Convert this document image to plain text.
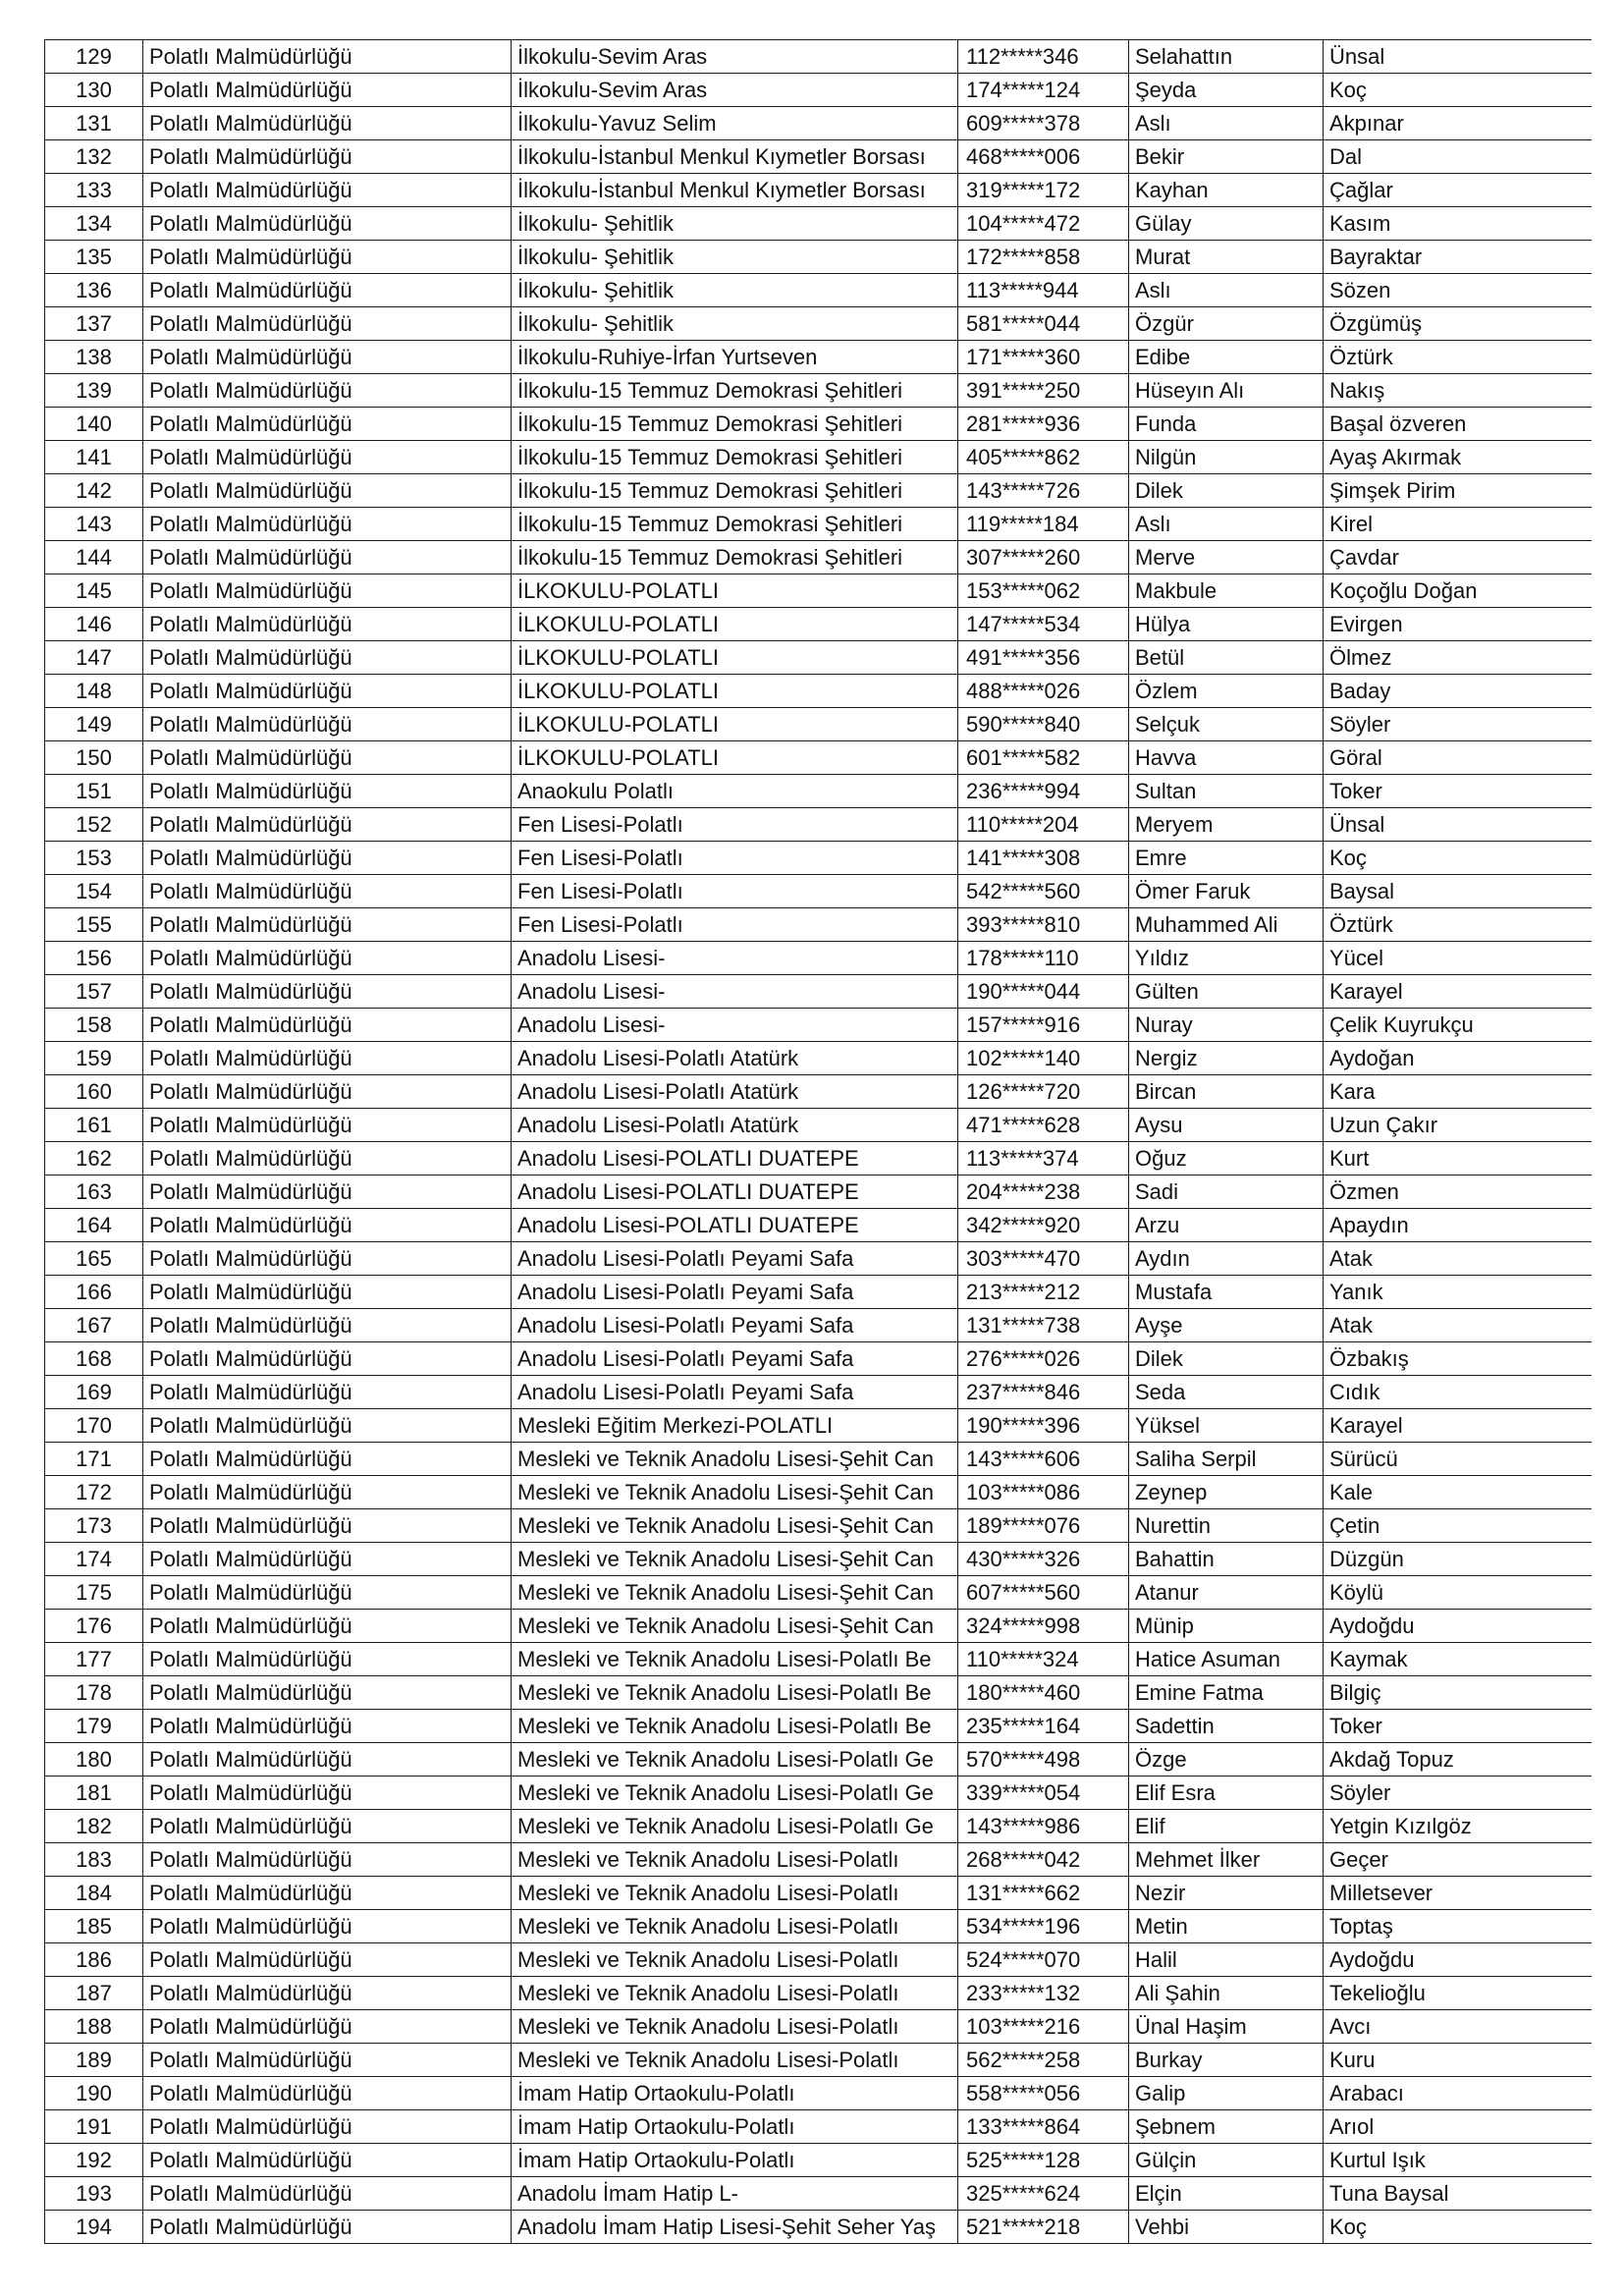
129	Polatlı Malmüdürlüğü	İlkokulu-Sevim Aras	112*****346	Selahattın	Ünsal
130	Polatlı Malmüdürlüğü	İlkokulu-Sevim Aras	174*****124	Şeyda	Koç
131	Polatlı Malmüdürlüğü	İlkokulu-Yavuz Selim	609*****378	Aslı	Akpınar
132	Polatlı Malmüdürlüğü	İlkokulu-İstanbul Menkul Kıymetler Borsası	468*****006	Bekir	Dal
133	Polatlı Malmüdürlüğü	İlkokulu-İstanbul Menkul Kıymetler Borsası	319*****172	Kayhan	Çağlar
134	Polatlı Malmüdürlüğü	İlkokulu- Şehitlik	104*****472	Gülay	Kasım
135	Polatlı Malmüdürlüğü	İlkokulu- Şehitlik	172*****858	Murat	Bayraktar
136	Polatlı Malmüdürlüğü	İlkokulu- Şehitlik	113*****944	Aslı	Sözen
137	Polatlı Malmüdürlüğü	İlkokulu- Şehitlik	581*****044	Özgür	Özgümüş
138	Polatlı Malmüdürlüğü	İlkokulu-Ruhiye-İrfan Yurtseven	171*****360	Edibe	Öztürk
139	Polatlı Malmüdürlüğü	İlkokulu-15 Temmuz Demokrasi Şehitleri	391*****250	Hüseyın Alı	Nakış
140	Polatlı Malmüdürlüğü	İlkokulu-15 Temmuz Demokrasi Şehitleri	281*****936	Funda	Başal özveren
141	Polatlı Malmüdürlüğü	İlkokulu-15 Temmuz Demokrasi Şehitleri	405*****862	Nilgün	Ayaş Akırmak
142	Polatlı Malmüdürlüğü	İlkokulu-15 Temmuz Demokrasi Şehitleri	143*****726	Dilek	Şimşek Pirim
143	Polatlı Malmüdürlüğü	İlkokulu-15 Temmuz Demokrasi Şehitleri	119*****184	Aslı	Kirel
144	Polatlı Malmüdürlüğü	İlkokulu-15 Temmuz Demokrasi Şehitleri	307*****260	Merve	Çavdar
145	Polatlı Malmüdürlüğü	İLKOKULU-POLATLI	153*****062	Makbule	Koçoğlu Doğan
146	Polatlı Malmüdürlüğü	İLKOKULU-POLATLI	147*****534	Hülya	Evirgen
147	Polatlı Malmüdürlüğü	İLKOKULU-POLATLI	491*****356	Betül	Ölmez
148	Polatlı Malmüdürlüğü	İLKOKULU-POLATLI	488*****026	Özlem	Baday
149	Polatlı Malmüdürlüğü	İLKOKULU-POLATLI	590*****840	Selçuk	Söyler
150	Polatlı Malmüdürlüğü	İLKOKULU-POLATLI	601*****582	Havva	Göral
151	Polatlı Malmüdürlüğü	Anaokulu Polatlı	236*****994	Sultan	Toker
152	Polatlı Malmüdürlüğü	Fen Lisesi-Polatlı	110*****204	Meryem	Ünsal
153	Polatlı Malmüdürlüğü	Fen Lisesi-Polatlı	141*****308	Emre	Koç
154	Polatlı Malmüdürlüğü	Fen Lisesi-Polatlı	542*****560	Ömer Faruk	Baysal
155	Polatlı Malmüdürlüğü	Fen Lisesi-Polatlı	393*****810	Muhammed Ali	Öztürk
156	Polatlı Malmüdürlüğü	Anadolu Lisesi-	178*****110	Yıldız	Yücel
157	Polatlı Malmüdürlüğü	Anadolu Lisesi-	190*****044	Gülten	Karayel
158	Polatlı Malmüdürlüğü	Anadolu Lisesi-	157*****916	Nuray	Çelik Kuyrukçu
159	Polatlı Malmüdürlüğü	Anadolu Lisesi-Polatlı Atatürk	102*****140	Nergiz	Aydoğan
160	Polatlı Malmüdürlüğü	Anadolu Lisesi-Polatlı Atatürk	126*****720	Bircan	Kara
161	Polatlı Malmüdürlüğü	Anadolu Lisesi-Polatlı Atatürk	471*****628	Aysu	Uzun Çakır
162	Polatlı Malmüdürlüğü	Anadolu Lisesi-POLATLI DUATEPE	113*****374	Oğuz	Kurt
163	Polatlı Malmüdürlüğü	Anadolu Lisesi-POLATLI DUATEPE	204*****238	Sadi	Özmen
164	Polatlı Malmüdürlüğü	Anadolu Lisesi-POLATLI DUATEPE	342*****920	Arzu	Apaydın
165	Polatlı Malmüdürlüğü	Anadolu Lisesi-Polatlı Peyami Safa	303*****470	Aydın	Atak
166	Polatlı Malmüdürlüğü	Anadolu Lisesi-Polatlı Peyami Safa	213*****212	Mustafa	Yanık
167	Polatlı Malmüdürlüğü	Anadolu Lisesi-Polatlı Peyami Safa	131*****738	Ayşe	Atak
168	Polatlı Malmüdürlüğü	Anadolu Lisesi-Polatlı Peyami Safa	276*****026	Dilek	Özbakış
169	Polatlı Malmüdürlüğü	Anadolu Lisesi-Polatlı Peyami Safa	237*****846	Seda	Cıdık
170	Polatlı Malmüdürlüğü	Mesleki Eğitim Merkezi-POLATLI	190*****396	Yüksel	Karayel
171	Polatlı Malmüdürlüğü	Mesleki ve Teknik Anadolu Lisesi-Şehit Can	143*****606	Saliha Serpil	Sürücü
172	Polatlı Malmüdürlüğü	Mesleki ve Teknik Anadolu Lisesi-Şehit Can	103*****086	Zeynep	Kale
173	Polatlı Malmüdürlüğü	Mesleki ve Teknik Anadolu Lisesi-Şehit Can	189*****076	Nurettin	Çetin
174	Polatlı Malmüdürlüğü	Mesleki ve Teknik Anadolu Lisesi-Şehit Can	430*****326	Bahattin	Düzgün
175	Polatlı Malmüdürlüğü	Mesleki ve Teknik Anadolu Lisesi-Şehit Can	607*****560	Atanur	Köylü
176	Polatlı Malmüdürlüğü	Mesleki ve Teknik Anadolu Lisesi-Şehit Can	324*****998	Münip	Aydoğdu
177	Polatlı Malmüdürlüğü	Mesleki ve Teknik Anadolu Lisesi-Polatlı Be	110*****324	Hatice Asuman	Kaymak
178	Polatlı Malmüdürlüğü	Mesleki ve Teknik Anadolu Lisesi-Polatlı Be	180*****460	Emine Fatma	Bilgiç
179	Polatlı Malmüdürlüğü	Mesleki ve Teknik Anadolu Lisesi-Polatlı Be	235*****164	Sadettin	Toker
180	Polatlı Malmüdürlüğü	Mesleki ve Teknik Anadolu Lisesi-Polatlı Ge	570*****498	Özge	Akdağ Topuz
181	Polatlı Malmüdürlüğü	Mesleki ve Teknik Anadolu Lisesi-Polatlı Ge	339*****054	Elif Esra	Söyler
182	Polatlı Malmüdürlüğü	Mesleki ve Teknik Anadolu Lisesi-Polatlı Ge	143*****986	Elif	Yetgin Kızılgöz
183	Polatlı Malmüdürlüğü	Mesleki ve Teknik Anadolu Lisesi-Polatlı	268*****042	Mehmet İlker	Geçer
184	Polatlı Malmüdürlüğü	Mesleki ve Teknik Anadolu Lisesi-Polatlı	131*****662	Nezir	Milletsever
185	Polatlı Malmüdürlüğü	Mesleki ve Teknik Anadolu Lisesi-Polatlı	534*****196	Metin	Toptaş
186	Polatlı Malmüdürlüğü	Mesleki ve Teknik Anadolu Lisesi-Polatlı	524*****070	Halil	Aydoğdu
187	Polatlı Malmüdürlüğü	Mesleki ve Teknik Anadolu Lisesi-Polatlı	233*****132	Ali Şahin	Tekelioğlu
188	Polatlı Malmüdürlüğü	Mesleki ve Teknik Anadolu Lisesi-Polatlı	103*****216	Ünal Haşim	Avcı
189	Polatlı Malmüdürlüğü	Mesleki ve Teknik Anadolu Lisesi-Polatlı	562*****258	Burkay	Kuru
190	Polatlı Malmüdürlüğü	İmam Hatip Ortaokulu-Polatlı	558*****056	Galip	Arabacı
191	Polatlı Malmüdürlüğü	İmam Hatip Ortaokulu-Polatlı	133*****864	Şebnem	Arıol
192	Polatlı Malmüdürlüğü	İmam Hatip Ortaokulu-Polatlı	525*****128	Gülçin	Kurtul Işık
193	Polatlı Malmüdürlüğü	Anadolu İmam Hatip L-	325*****624	Elçin	Tuna Baysal
194	Polatlı Malmüdürlüğü	Anadolu İmam Hatip Lisesi-Şehit Seher Yaş	521*****218	Vehbi	Koç
